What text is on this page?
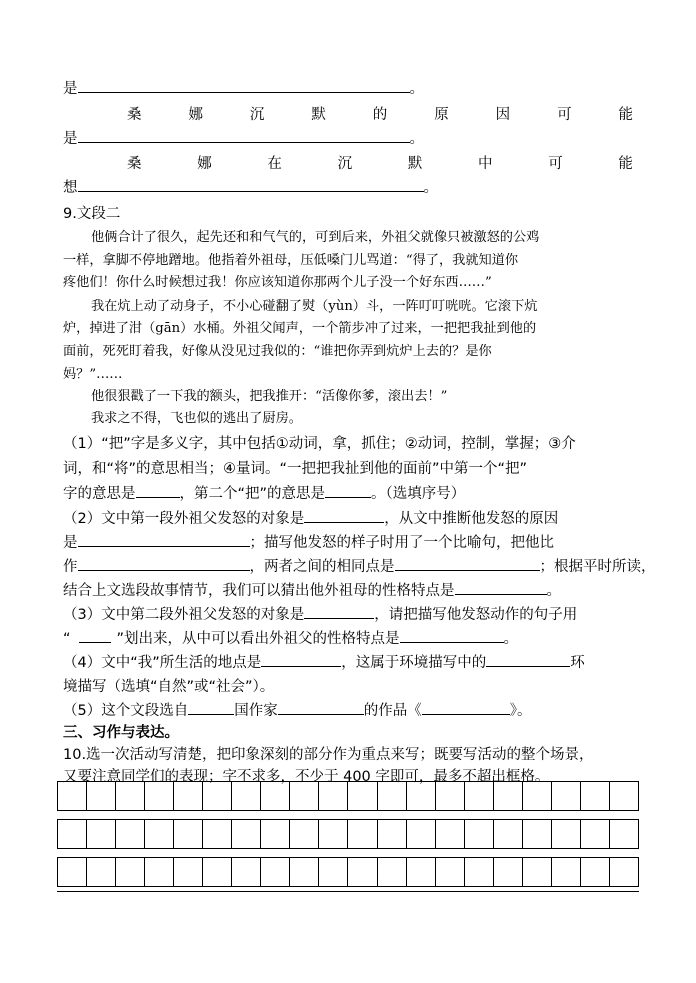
是	。
桑	娜	沉	默	的	原	因	可	能
是	。
桑	娜	在	沉	默	中	可	能
想	。
9.文段二
他俩合计了很久，起先还和和气气的，可到后来，外祖父就像只被激怒的公鸡
一样，拿脚不停地蹭地。他指着外祖母，压低嗓门儿骂道：“得了，我就知道你
疼他们！你什么时候想过我！你应该知道你那两个儿子没一个好东西……”
我在炕上动了动身子，不小心碰翻了熨（yùn）斗，一阵叮叮咣咣。它滚下炕
炉，掉进了泔（gān）水桶。外祖父闻声，一个箭步冲了过来，一把把我扯到他的
面前，死死盯着我，好像从没见过我似的：“谁把你弄到炕炉上去的？是你
妈？”……
他很狠戳了一下我的额头，把我推开：“活像你爹，滚出去！”
我求之不得，飞也似的逃出了厨房。
（1）“把”字是多义字，其中包括①动词，拿，抓住；②动词，控制，掌握；③介
词，和“将”的意思相当；④量词。“一把把我扯到他的面前”中第一个“把”
字的意思是	，第二个“把”的意思是	。（选填序号）
（2）文中第一段外祖父发怒的对象是	，从文中推断他发怒的原因
是	；描写他发怒的样子时用了一个比喻句，把他比
作	，两者之间的相同点是	；根据平时所读，
结合上文选段故事情节，我们可以猜出他外祖母的性格特点是	。
（3）文中第二段外祖父发怒的对象是	，请把描写他发怒动作的句子用
“	”划出来，从中可以看出外祖父的性格特点是	。
（4）文中“我”所生活的地点是	，这属于环境描写中的	环
境描写（选填“自然”或“社会”）。
（5）这个文段选自	国作家	的作品《	》。
三、习作与表达。
10.选一次活动写清楚，把印象深刻的部分作为重点来写；既要写活动的整个场景，
又要注意同学们的表现；字不求多，不少于 400 字即可，最多不超出框格。
